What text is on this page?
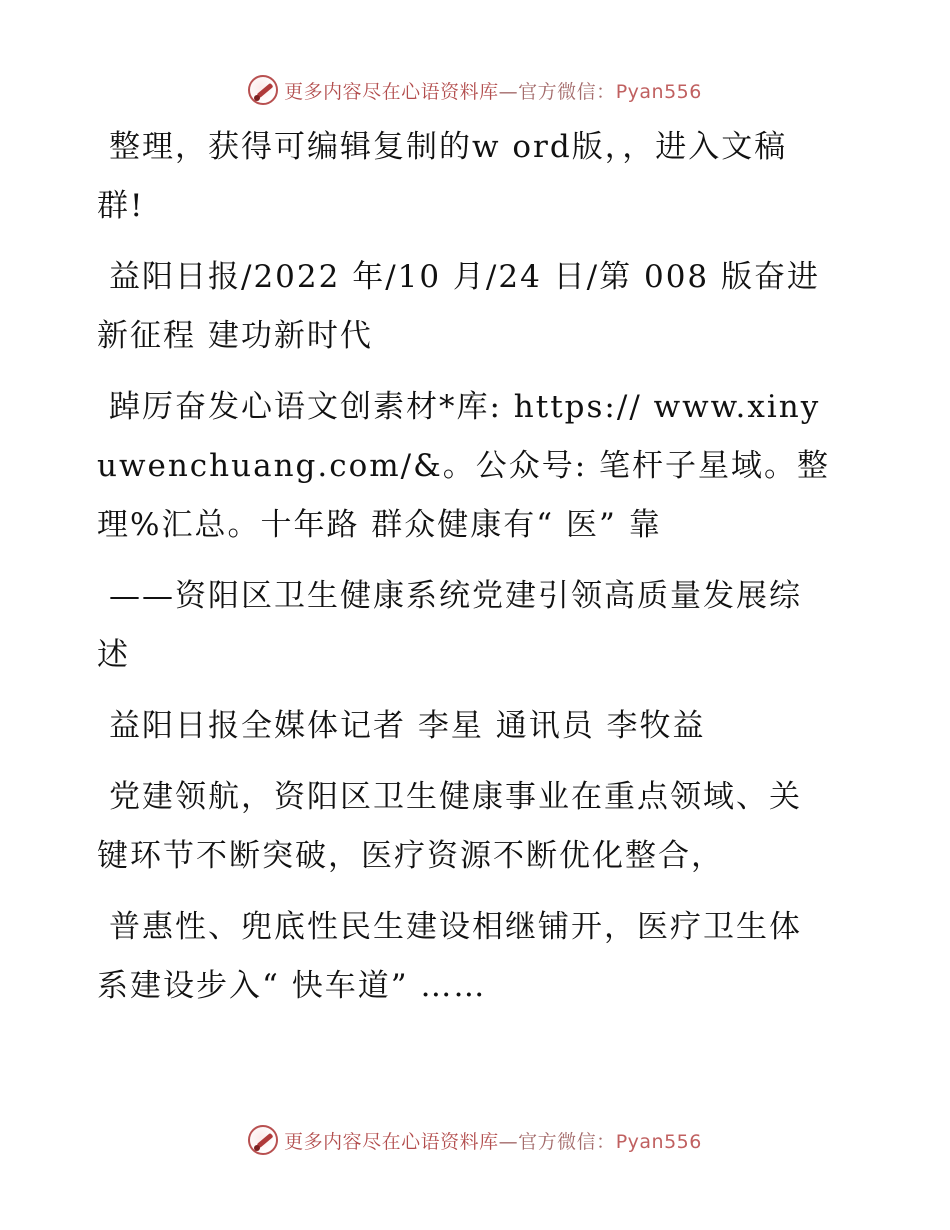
更多内容尽在心语资料库—官方微信：Pyan556

整理，获得可编辑复制的w ord版，，进入文稿群!

益阳日报/2022 年/10 月/24 日/第 008 版奋进新征程 建功新时代

踔厉奋发心语文创素材*库: https:// www.xinyuwenchuang.com/&。公众号: 笔杆子星域。整理%汇总。十年路 群众健康有“ 医” 靠

——资阳区卫生健康系统党建引领高质量发展综述

益阳日报全媒体记者 李星 通讯员 李牧益

党建领航，资阳区卫生健康事业在重点领域、关键环节不断突破，医疗资源不断优化整合，

普惠性、兜底性民生建设相继铺开，医疗卫生体系建设步入“ 快车道” ……

更多内容尽在心语资料库—官方微信：Pyan556
